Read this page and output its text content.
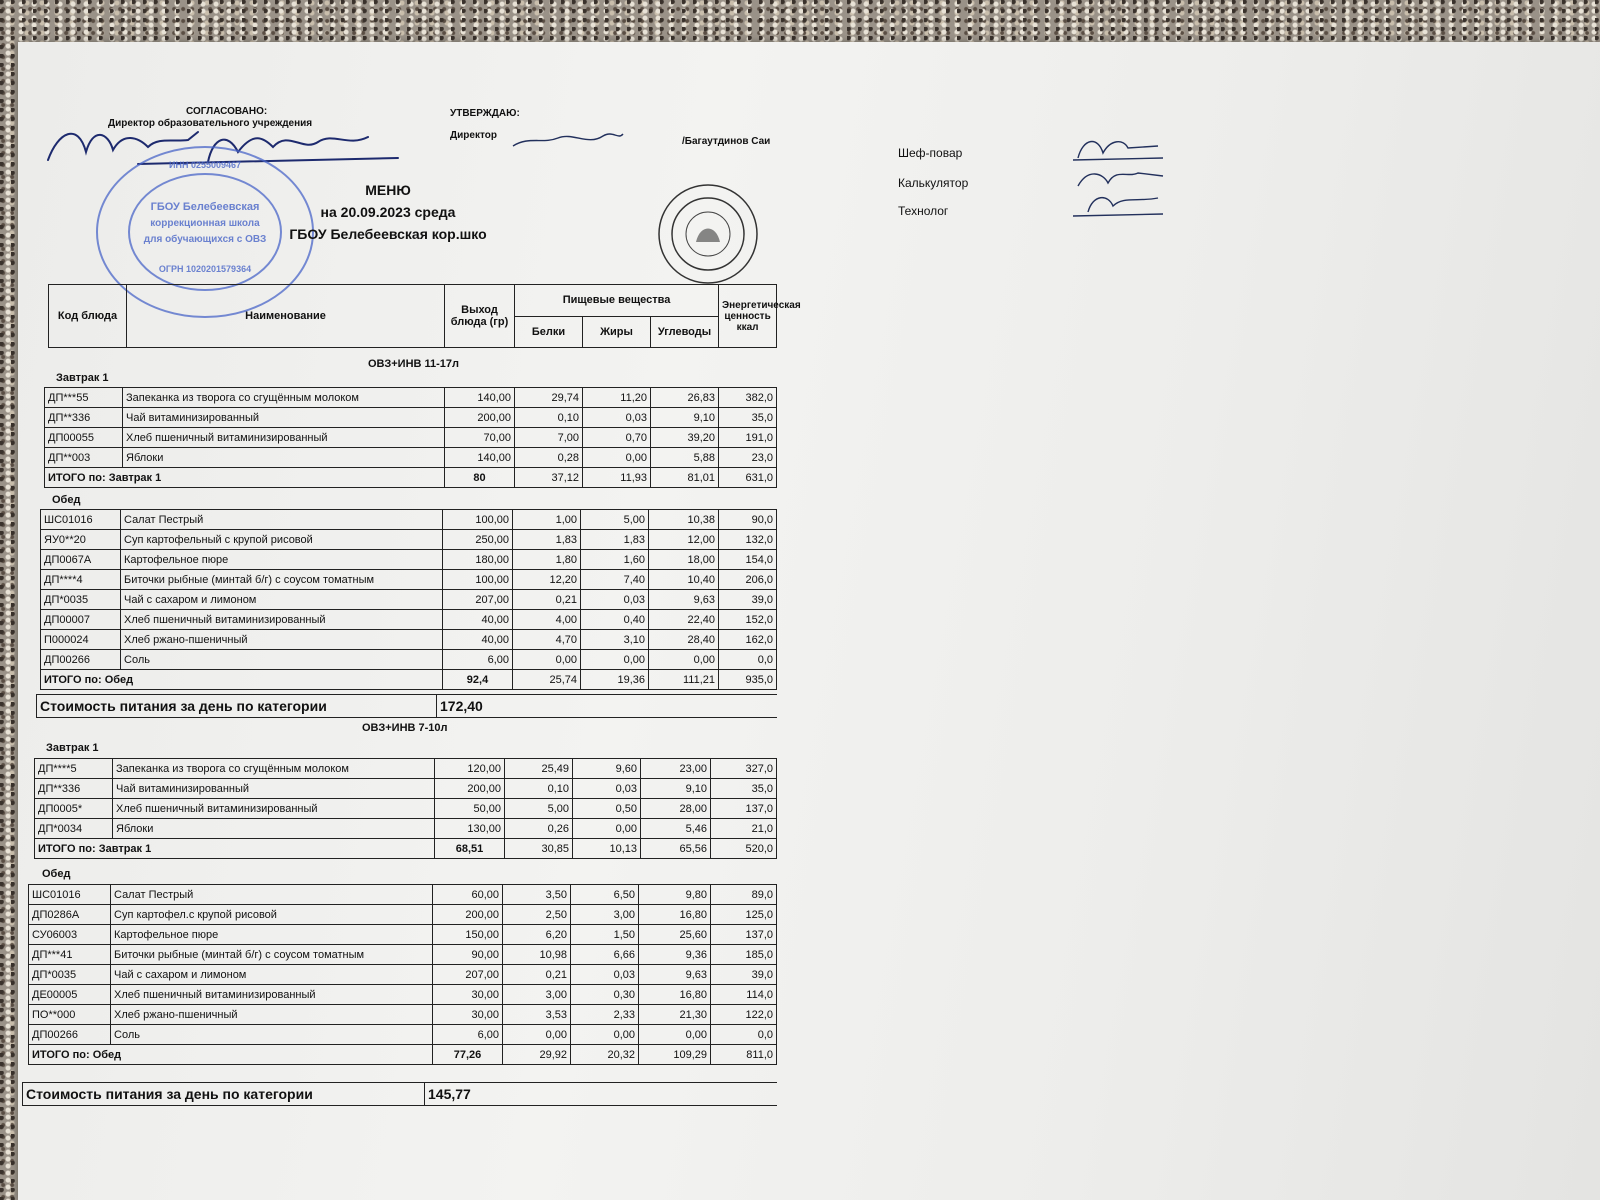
СОГЛАСОВАНО:
Директор образовательного учреждения
УТВЕРЖДАЮ:
Директор
/Багаутдинов Саи
ГБОУ Белебеевская
коррекционная школа
для обучающихся с ОВЗ
ОГРН 1020201579364
ИНН 0255009467
МЕНЮ
на 20.09.2023 среда
ГБОУ Белебеевская кор.шко
Шеф-повар
Калькулятор
Технолог
Код блюда	Наименование	Выход блюда (гр)	Пищевые вещества			Энергетическая ценность ккал
			Белки	Жиры	Углеводы	
ОВЗ+ИНВ 11-17л
Завтрак 1
ДП***55	Запеканка из творога со сгущённым молоком	140,00	29,74	11,20	26,83	382,0
ДП**336	Чай витаминизированный	200,00	0,10	0,03	9,10	35,0
ДП00055	Хлеб пшеничный витаминизированный	70,00	7,00	0,70	39,20	191,0
ДП**003	Яблоки	140,00	0,28	0,00	5,88	23,0
ИТОГО по: Завтрак 1		80	37,12	11,93	81,01	631,0
Обед
ШС01016	Салат Пестрый	100,00	1,00	5,00	10,38	90,0
ЯУ0**20	Суп картофельный с крупой рисовой	250,00	1,83	1,83	12,00	132,0
ДП0067А	Картофельное пюре	180,00	1,80	1,60	18,00	154,0
ДП****4	Биточки рыбные (минтай б/г) с соусом томатным	100,00	12,20	7,40	10,40	206,0
ДП*0035	Чай с сахаром и лимоном	207,00	0,21	0,03	9,63	39,0
ДП00007	Хлеб пшеничный витаминизированный	40,00	4,00	0,40	22,40	152,0
П000024	Хлеб ржано-пшеничный	40,00	4,70	3,10	28,40	162,0
ДП00266	Соль	6,00	0,00	0,00	0,00	0,0
ИТОГО по: Обед		92,4	25,74	19,36	111,21	935,0
Стоимость питания за день по категории	172,40
ОВЗ+ИНВ 7-10л
Завтрак 1
ДП****5	Запеканка из творога со сгущённым молоком	120,00	25,49	9,60	23,00	327,0
ДП**336	Чай витаминизированный	200,00	0,10	0,03	9,10	35,0
ДП0005*	Хлеб пшеничный витаминизированный	50,00	5,00	0,50	28,00	137,0
ДП*0034	Яблоки	130,00	0,26	0,00	5,46	21,0
ИТОГО по: Завтрак 1		68,51	30,85	10,13	65,56	520,0
Обед
ШС01016	Салат Пестрый	60,00	3,50	6,50	9,80	89,0
ДП0286А	Суп картофел.с крупой рисовой	200,00	2,50	3,00	16,80	125,0
СУ06003	Картофельное пюре	150,00	6,20	1,50	25,60	137,0
ДП***41	Биточки рыбные (минтай б/г) с соусом томатным	90,00	10,98	6,66	9,36	185,0
ДП*0035	Чай с сахаром и лимоном	207,00	0,21	0,03	9,63	39,0
ДЕ00005	Хлеб пшеничный витаминизированный	30,00	3,00	0,30	16,80	114,0
ПО**000	Хлеб ржано-пшеничный	30,00	3,53	2,33	21,30	122,0
ДП00266	Соль	6,00	0,00	0,00	0,00	0,0
ИТОГО по: Обед		77,26	29,92	20,32	109,29	811,0
Стоимость питания за день по категории	145,77
